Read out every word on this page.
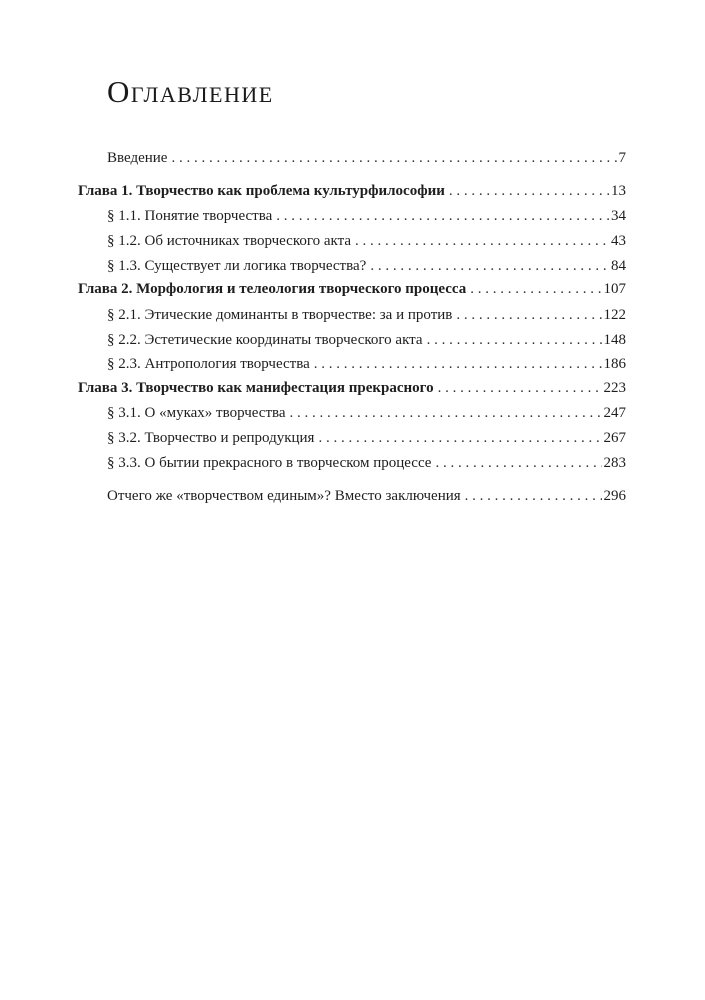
Оглавление
Введение . . .	7
Глава 1. Творчество как проблема культурфилософии . . .	13
§ 1.1. Понятие творчества . . .	34
§ 1.2. Об источниках творческого акта . . .	43
§ 1.3. Существует ли логика творчества? . . .	84
Глава 2. Морфология и телеология творческого процесса . . .	107
§ 2.1. Этические доминанты в творчестве: за и против . . .	122
§ 2.2. Эстетические координаты творческого акта . . .	148
§ 2.3. Антропология творчества . . .	186
Глава 3. Творчество как манифестация прекрасного . . .	223
§ 3.1. О «муках» творчества . . .	247
§ 3.2. Творчество и репродукция . . .	267
§ 3.3. О бытии прекрасного в творческом процессе . . .	283
Отчего же «творчеством единым»? Вместо заключения . . .	296
